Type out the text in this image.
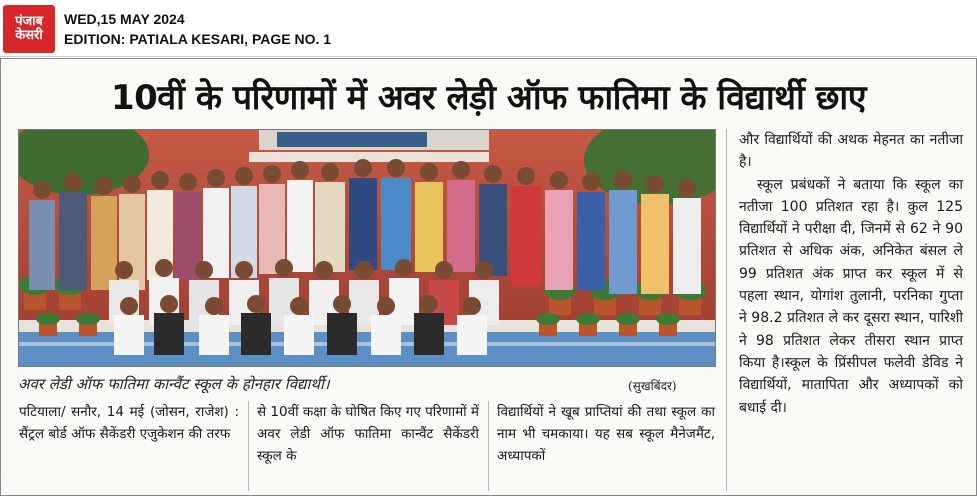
पंजाब
केसरी
WED,15 MAY 2024
EDITION: PATIALA KESARI, PAGE NO. 1
10वीं के परिणामों में अवर लेड़ी ऑफ फातिमा के विद्यार्थी छाए
अवर लेडी ऑफ फातिमा कान्वैंट स्कूल के होनहार विद्यार्थी।	(सुखबिंदर)

पटियाला/ सनौर, 14 मई (जोसन, राजेश) : सैंट्रल बोर्ड ऑफ सैकेंडरी एजुकेशन की तरफ

से 10वीं कक्षा के घोषित किए गए परिणामों में अवर लेडी ऑफ फातिमा कान्वैंट सैकेंडरी स्कूल के

विद्यार्थियों ने खूब प्राप्तियां की तथा स्कूल का नाम भी चमकाया। यह सब स्कूल मैनेजमैंट, अध्यापकों

और विद्यार्थियों की अथक मेहनत का नतीजा है।

स्कूल प्रबंधकों ने बताया कि स्कूल का नतीजा 100 प्रतिशत रहा है। कुल 125 विद्यार्थियों ने परीक्षा दी, जिनमें से 62 ने 90 प्रतिशत से अधिक अंक, अनिकेत बंसल ले 99 प्रतिशत अंक प्राप्त कर स्कूल में से पहला स्थान, योगांश तुलानी, परनिका गुप्ता ने 98.2 प्रतिशत ले कर दूसरा स्थान, पारिशी ने 98 प्रतिशत लेकर तीसरा स्थान प्राप्त किया है।स्कूल के प्रिंसीपल फलेवी डेविड ने विद्यार्थियों, मातापिता और अध्यापकों को बधाई दी।
